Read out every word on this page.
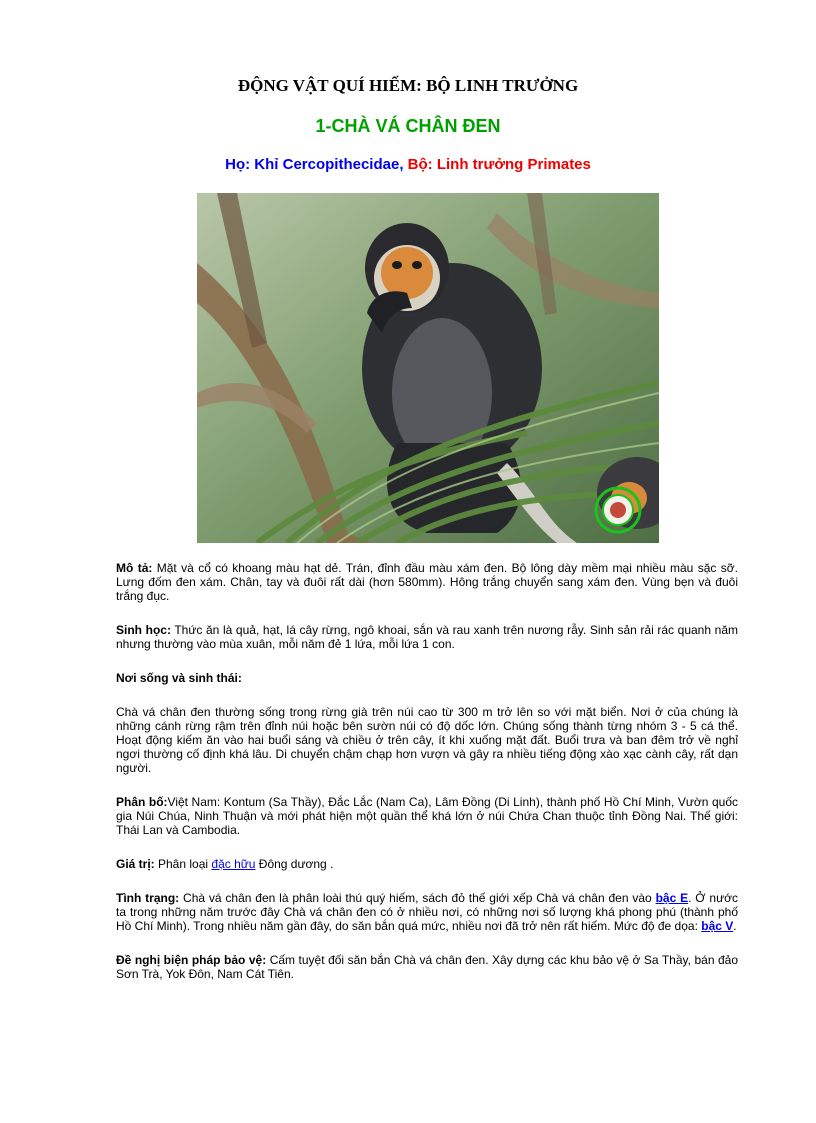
ĐỘNG VẬT QUÍ HIẾM: BỘ LINH TRƯỞNG
1-CHÀ VÁ CHÂN ĐEN
Họ: Khỉ Cercopithecidae, Bộ: Linh trưởng Primates

Mô tả: Mặt và cổ có khoang màu hạt dẻ. Trán, đỉnh đầu màu xám đen. Bộ lông dày mềm mại nhiều màu sặc sỡ. Lưng đốm đen xám. Chân, tay và đuôi rất dài (hơn 580mm). Hông trắng chuyển sang xám đen. Vùng bẹn và đuôi trắng đục.

Sinh học: Thức ăn là quả, hạt, lá cây rừng, ngô khoai, sắn và rau xanh trên nương rẫy. Sinh sản rải rác quanh năm nhưng thường vào mùa xuân, mỗi năm đẻ 1 lứa, mỗi lứa 1 con.

Nơi sống và sinh thái:

Chà vá chân đen thường sống trong rừng già trên núi cao từ 300 m trở lên so với mặt biển. Nơi ở của chúng là những cánh rừng rậm trên đỉnh núi hoặc bên sườn núi có độ dốc lớn. Chúng sống thành từng nhóm 3 - 5 cá thể. Hoạt động kiếm ăn vào hai buổi sáng và chiều ở trên cây, ít khi xuống mặt đất. Buổi trưa và ban đêm trở về nghỉ ngơi thường cố định khá lâu. Di chuyển chậm chạp hơn vượn và gây ra nhiều tiếng động xào xạc cành cây, rất dạn người.

Phân bố:Việt Nam: Kontum (Sa Thầy), Đắc Lắc (Nam Ca), Lâm Đồng (Di Linh), thành phố Hồ Chí Minh, Vườn quốc gia Núi Chúa, Ninh Thuận và mới phát hiện một quần thể khá lớn ở núi Chứa Chan thuộc tỉnh Đồng Nai. Thế giới: Thái Lan và Cambodia.

Giá trị: Phân loại đặc hữu Đông dương .

Tình trạng: Chà vá chân đen là phân loài thú quý hiếm, sách đỏ thế giới xếp Chà vá chân đen vào bậc E. Ở nước ta trong những năm trước đây Chà vá chân đen có ở nhiều nơi, có những nơi số lượng khá phong phú (thành phố Hồ Chí Minh). Trong nhiều năm gần đây, do săn bắn quá mức, nhiều nơi đã trở nên rất hiếm. Mức độ đe dọa: bậc V.

Đề nghị biện pháp bảo vệ: Cấm tuyệt đối săn bắn Chà vá chân đen. Xây dựng các khu bảo vệ ở Sa Thầy, bán đảo Sơn Trà, Yok Đôn, Nam Cát Tiên.
